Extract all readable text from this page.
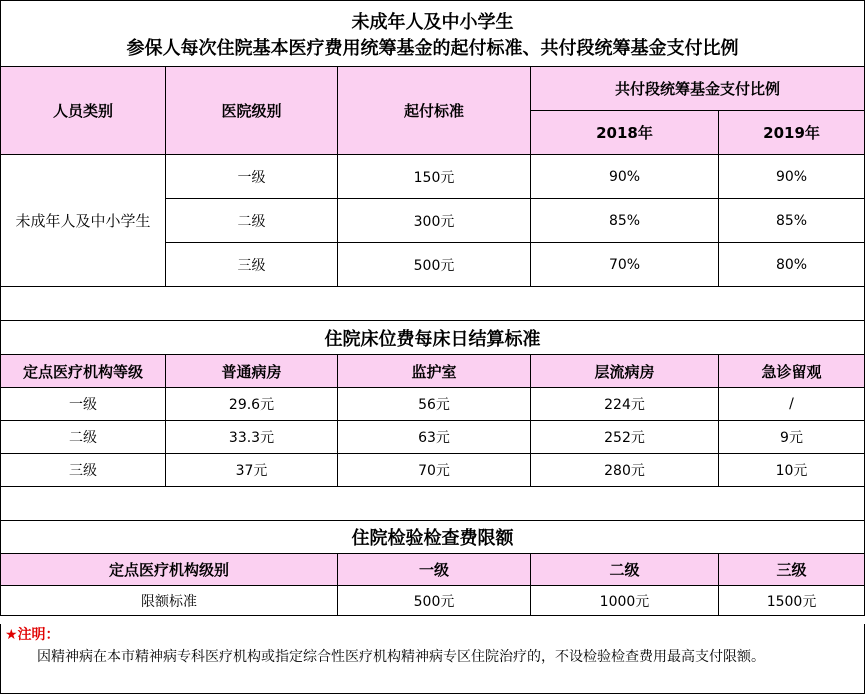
未成年人及中小学生
参保人每次住院基本医疗费用统筹基金的起付标准、共付段统筹基金支付比例				

人员类别	医院级别	起付标准	共付段统筹基金支付比例	
			2018年	2019年
未成年人及中小学生	一级	150元	90%	90%
	二级	300元	85%	85%
	三级	500元	70%	80%

住院床位费每床日结算标准				
定点医疗机构等级	普通病房	监护室	层流病房	急诊留观
一级	29.6元	56元	224元	/
二级	33.3元	63元	252元	9元
三级	37元	70元	280元	10元

住院检验检查费限额				
定点医疗机构级别		一级	二级	三级
限额标准		500元	1000元	1500元
★注明：

因精神病在本市精神病专科医疗机构或指定综合性医疗机构精神病专区住院治疗的，不设检验检查费用最高支付限额。
